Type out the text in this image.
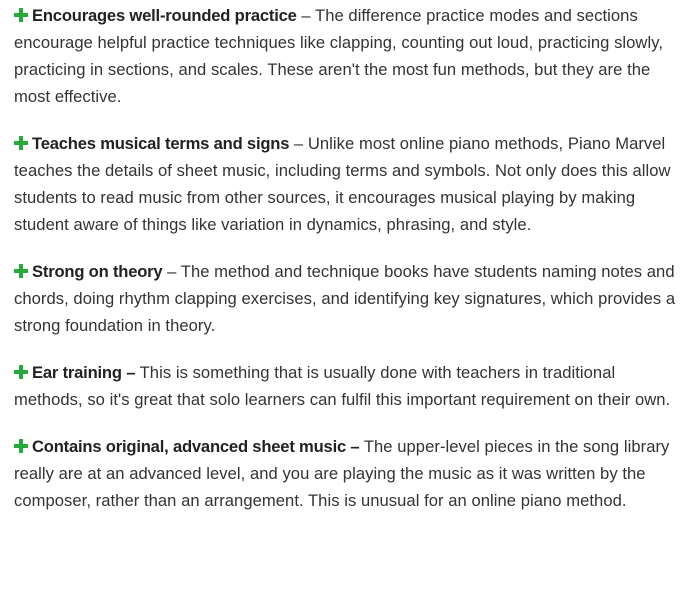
Encourages well-rounded practice – The difference practice modes and sections encourage helpful practice techniques like clapping, counting out loud, practicing slowly, practicing in sections, and scales. These aren't the most fun methods, but they are the most effective.

Teaches musical terms and signs – Unlike most online piano methods, Piano Marvel teaches the details of sheet music, including terms and symbols. Not only does this allow students to read music from other sources, it encourages musical playing by making student aware of things like variation in dynamics, phrasing, and style.

Strong on theory – The method and technique books have students naming notes and chords, doing rhythm clapping exercises, and identifying key signatures, which provides a strong foundation in theory.

Ear training – This is something that is usually done with teachers in traditional methods, so it's great that solo learners can fulfil this important requirement on their own.

Contains original, advanced sheet music – The upper-level pieces in the song library really are at an advanced level, and you are playing the music as it was written by the composer, rather than an arrangement. This is unusual for an online piano method.
